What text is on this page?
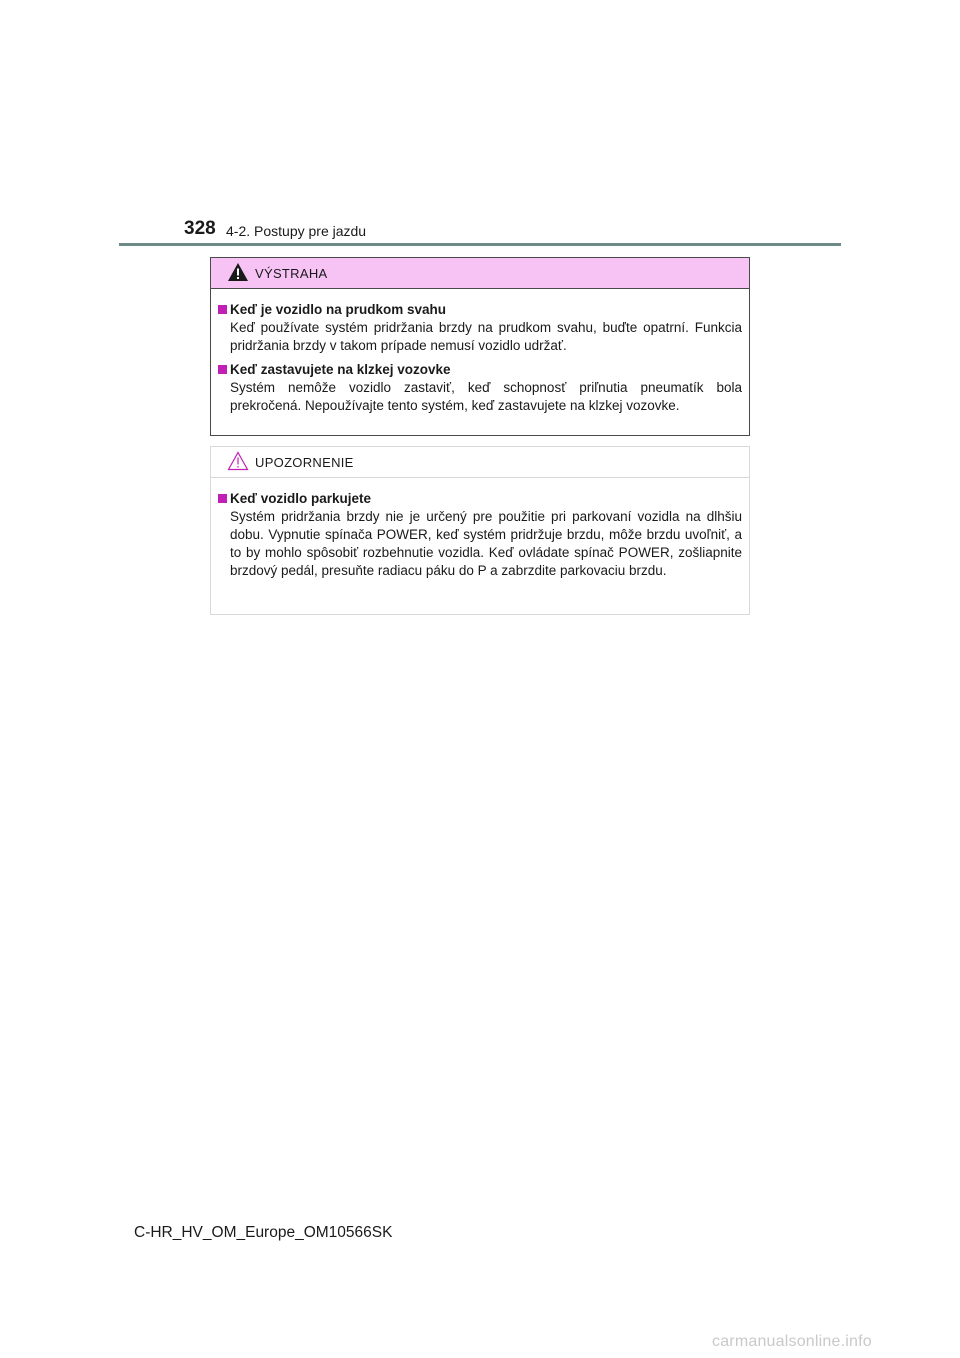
328 4-2. Postupy pre jazdu
VÝSTRAHA
Keď je vozidlo na prudkom svahu
Keď používate systém pridržania brzdy na prudkom svahu, buďte opatrní. Funkcia pridržania brzdy v takom prípade nemusí vozidlo udržať.
Keď zastavujete na klzkej vozovke
Systém nemôže vozidlo zastaviť, keď schopnosť priľnutia pneumatík bola prekročená. Nepoužívajte tento systém, keď zastavujete na klzkej vozovke.
UPOZORNENIE
Keď vozidlo parkujete
Systém pridržania brzdy nie je určený pre použitie pri parkovaní vozidla na dlhšiu dobu. Vypnutie spínača POWER, keď systém pridržuje brzdu, môže brzdu uvoľniť, a to by mohlo spôsobiť rozbehnutie vozidla. Keď ovládate spínač POWER, zošliapnite brzdový pedál, presuňte radiacu páku do P a zabrzdite parkovaciu brzdu.
C-HR_HV_OM_Europe_OM10566SK
carmanualsonline.info
